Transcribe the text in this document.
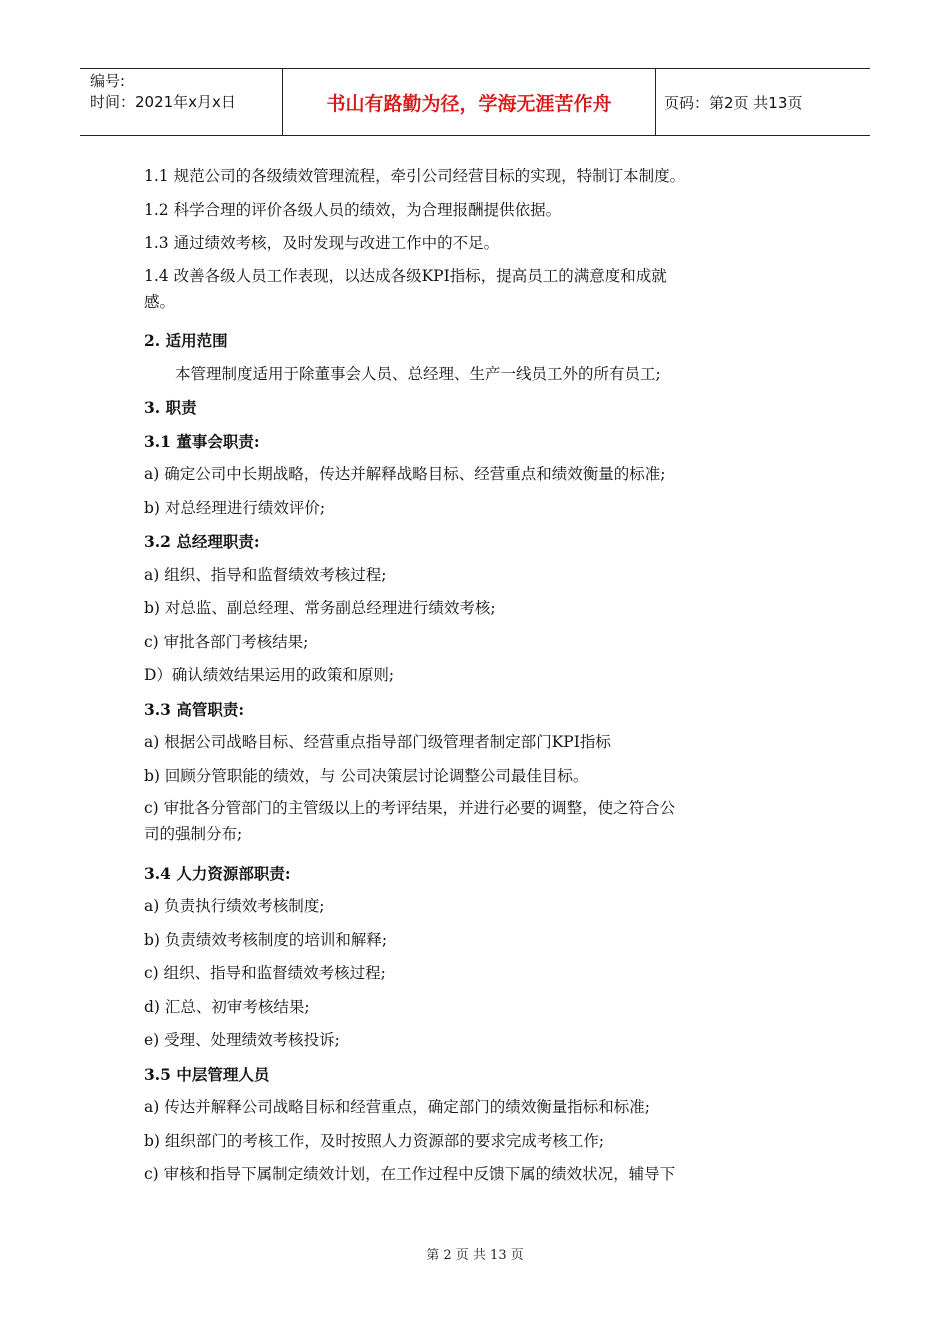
编号:
时间：2021年x月x日	书山有路勤为径，学海无涯苦作舟	页码：第2页 共13页
1.1 规范公司的各级绩效管理流程，牵引公司经营目标的实现，特制订本制度。
1.2 科学合理的评价各级人员的绩效，为合理报酬提供依据。
1.3 通过绩效考核，及时发现与改进工作中的不足。
1.4 改善各级人员工作表现，以达成各级KPI指标，提高员工的满意度和成就
感。
2. 适用范围
本管理制度适用于除董事会人员、总经理、生产一线员工外的所有员工;
3. 职责
3.1 董事会职责:
a) 确定公司中长期战略，传达并解释战略目标、经营重点和绩效衡量的标准;
b) 对总经理进行绩效评价;
3.2 总经理职责:
a) 组织、指导和监督绩效考核过程;
b) 对总监、副总经理、常务副总经理进行绩效考核;
c) 审批各部门考核结果;
D）确认绩效结果运用的政策和原则;
3.3 高管职责:
a) 根据公司战略目标、经营重点指导部门级管理者制定部门KPI指标
b) 回顾分管职能的绩效，与 公司决策层讨论调整公司最佳目标。
c) 审批各分管部门的主管级以上的考评结果，并进行必要的调整，使之符合公
司的强制分布;
3.4 人力资源部职责:
a) 负责执行绩效考核制度;
b) 负责绩效考核制度的培训和解释;
c) 组织、指导和监督绩效考核过程;
d) 汇总、初审考核结果;
e) 受理、处理绩效考核投诉;
3.5 中层管理人员
a) 传达并解释公司战略目标和经营重点，确定部门的绩效衡量指标和标准;
b) 组织部门的考核工作，及时按照人力资源部的要求完成考核工作;
c) 审核和指导下属制定绩效计划，在工作过程中反馈下属的绩效状况，辅导下
第 2 页 共 13 页
